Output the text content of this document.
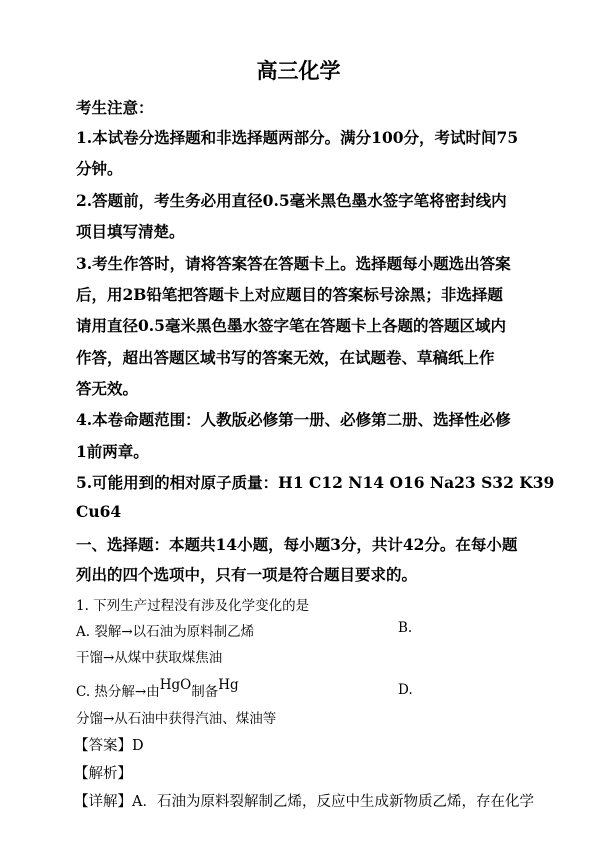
高三化学
考生注意：
1.本试卷分选择题和非选择题两部分。满分100分，考试时间75
分钟。
2.答题前，考生务必用直径0.5毫米黑色墨水签字笔将密封线内
项目填写清楚。
3.考生作答时，请将答案答在答题卡上。选择题每小题选出答案
后，用2B铅笔把答题卡上对应题目的答案标号涂黑；非选择题
请用直径0.5毫米黑色墨水签字笔在答题卡上各题的答题区域内
作答，超出答题区域书写的答案无效，在试题卷、草稿纸上作
答无效。
4.本卷命题范围：人教版必修第一册、必修第二册、选择性必修
1前两章。
5.可能用到的相对原子质量：H1 C12 N14 O16 Na23 S32 K39
Cu64
一、选择题：本题共14小题，每小题3分，共计42分。在每小题
列出的四个选项中，只有一项是符合题目要求的。
1. 下列生产过程没有涉及化学变化的是
A. 裂解→以石油为原料制乙烯	B.
干馏→从煤中获取煤焦油
C. 热分解→由HgO制备Hg	D.
分馏→从石油中获得汽油、煤油等
【答案】D
【解析】
【详解】A．石油为原料裂解制乙烯，反应中生成新物质乙烯，存在化学
